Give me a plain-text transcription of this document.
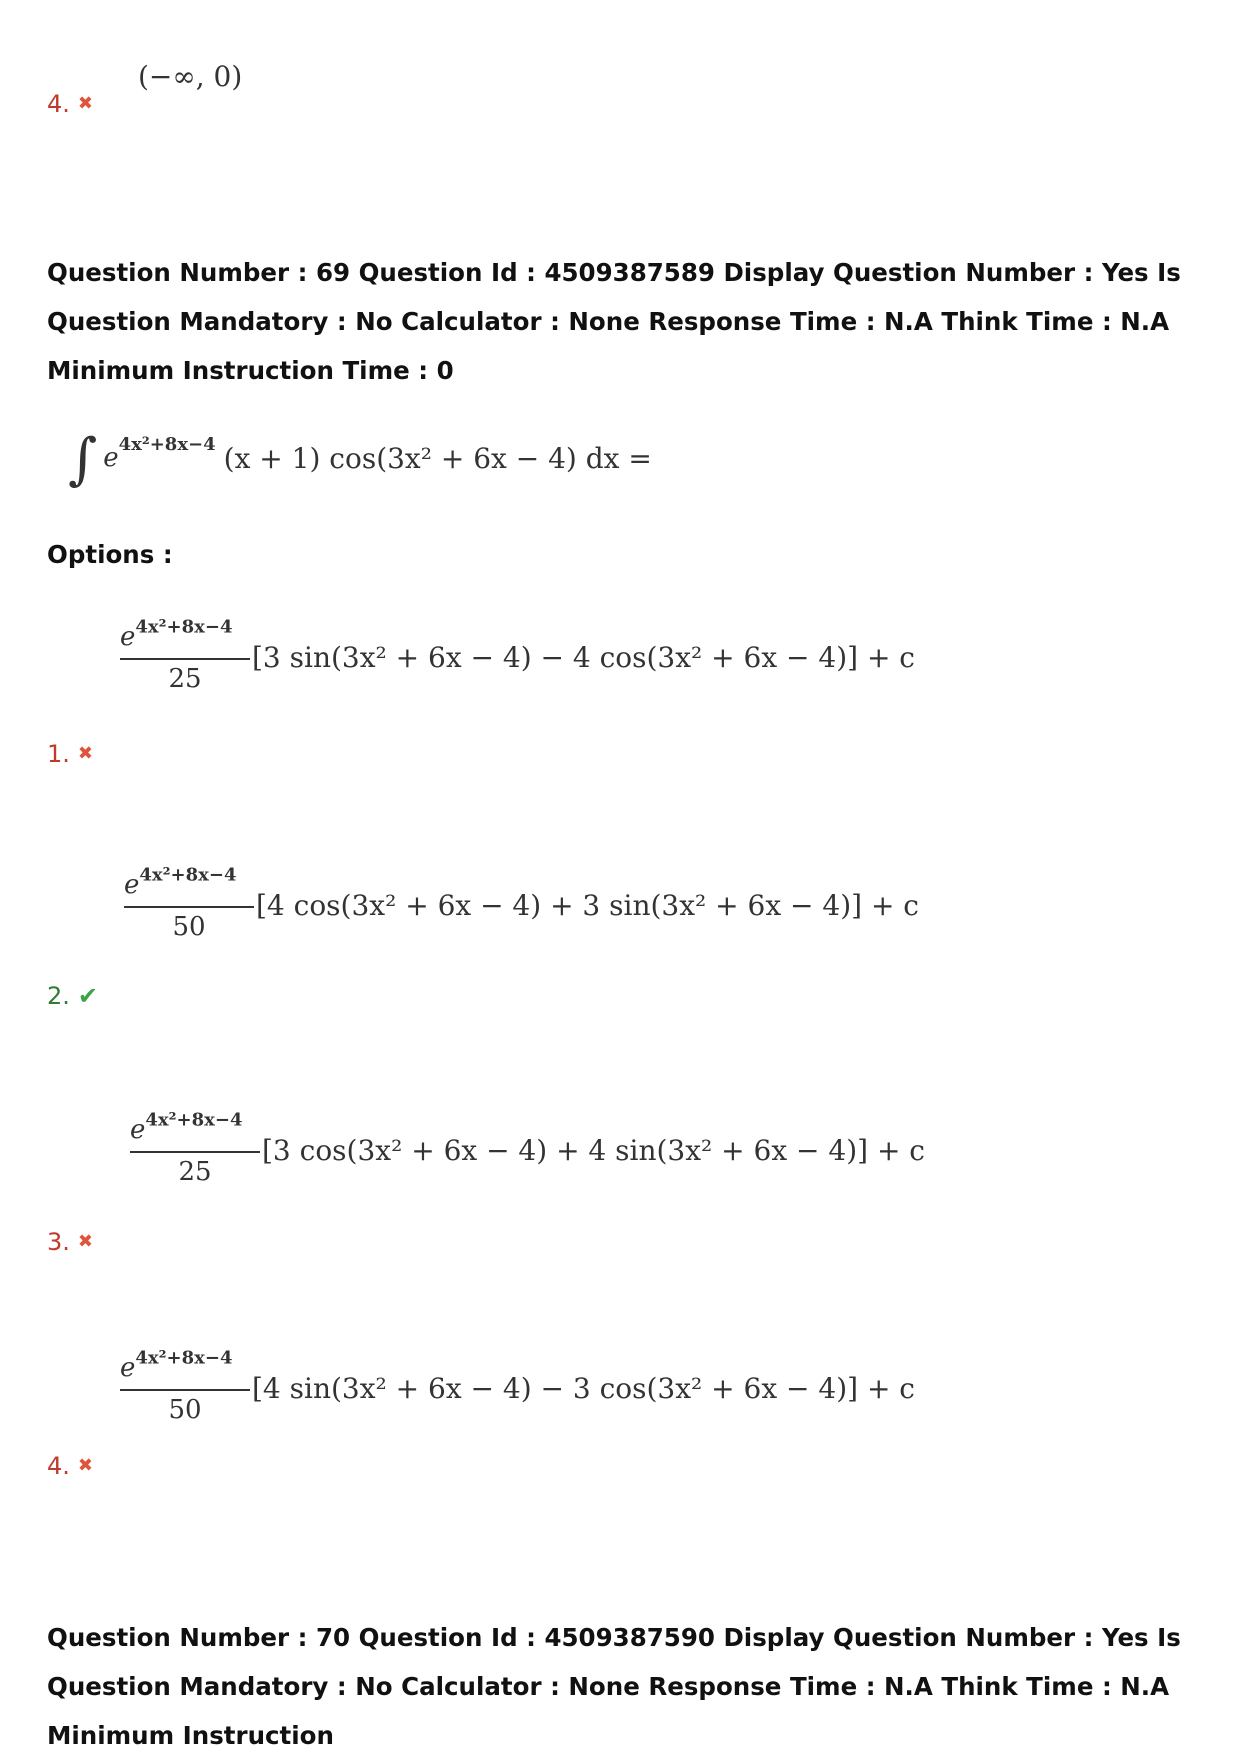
(−∞, 0)
4. ✖
Question Number : 69 Question Id : 4509387589 Display Question Number : Yes Is Question Mandatory : No Calculator : None Response Time : N.A Think Time : N.A Minimum Instruction Time : 0
∫ e 4x²+8x−4 (x + 1) cos(3x² + 6x − 4) dx =
Options :
$\frac{e^{4x^2+8x-4}}{25} [3$ sin(3x² + 6x − 4) − 4 cos(3x² + 6x − 4)] + c
1. ✖
$\frac{e^{4x^2+8x-4}}{50} [4$ cos(3x² + 6x − 4) + 3 sin(3x² + 6x − 4)] + c
2. ✔
$\frac{e^{4x^2+8x-4}}{25} [3$ cos(3x² + 6x − 4) + 4 sin(3x² + 6x − 4)] + c
3. ✖
$\frac{e^{4x^2+8x-4}}{50} [4$ sin(3x² + 6x − 4) − 3 cos(3x² + 6x − 4)] + c
4. ✖
Question Number : 70 Question Id : 4509387590 Display Question Number : Yes Is Question Mandatory : No Calculator : None Response Time : N.A Think Time : N.A Minimum Instruction
